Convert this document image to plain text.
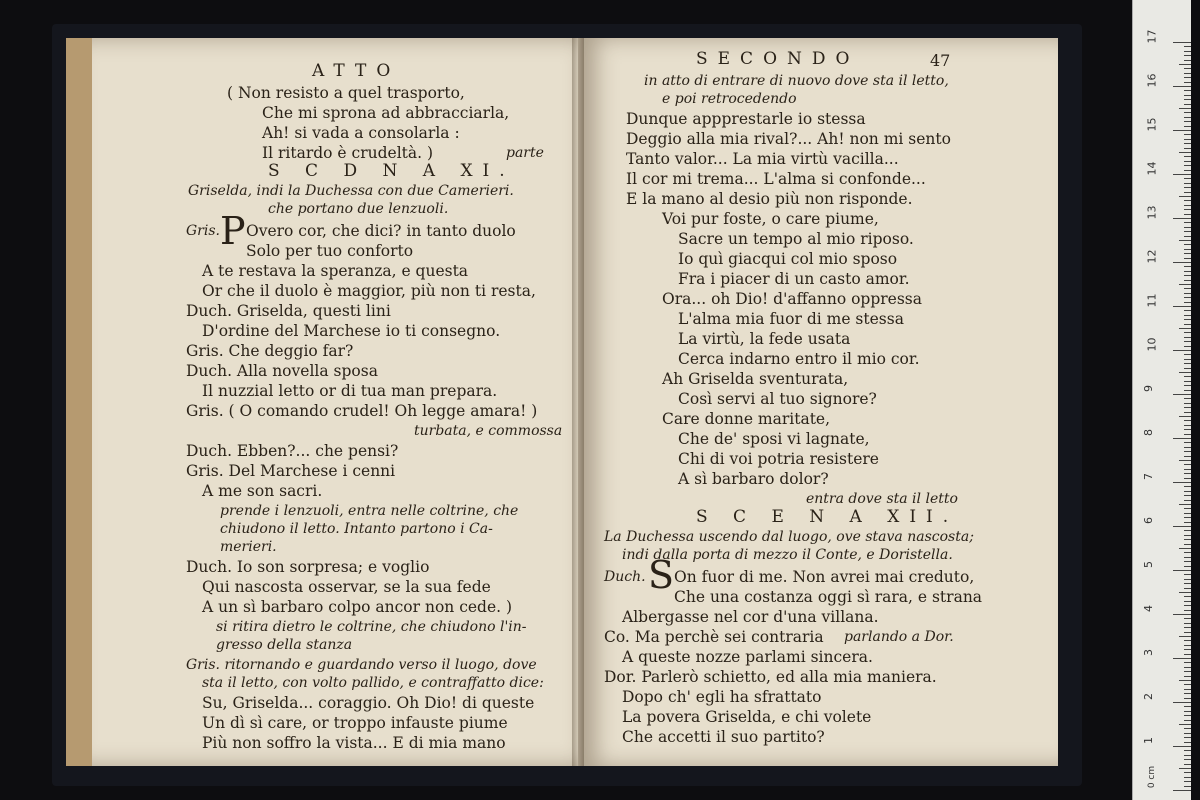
ATTO
( Non resisto a quel trasporto,
Che mi sprona ad abbracciarla,
Ah! si vada a consolarla :
Il ritardo è crudeltà. )	parte
S C D N A XI.
Griselda, indi la Duchessa con due Camerieri.
che portano due lenzuoli.
Gris. P Overo cor, che dici? in tanto duolo
Solo per tuo conforto
A te restava la speranza, e questa
Or che il duolo è maggior, più non ti resta,
Duch. Griselda, questi lini
D'ordine del Marchese io ti consegno.
Gris. Che deggio far?
Duch. Alla novella sposa
Il nuzzial letto or di tua man prepara.
Gris. ( O comando crudel! Oh legge amara! )
turbata, e commossa
Duch. Ebben?... che pensi?
Gris. Del Marchese i cenni
A me son sacri.
prende i lenzuoli, entra nelle coltrine, che
chiudono il letto. Intanto partono i Ca-
merieri.
Duch. Io son sorpresa; e voglio
Qui nascosta osservar, se la sua fede
A un sì barbaro colpo ancor non cede. )
si ritira dietro le coltrine, che chiudono l'in-
gresso della stanza
Gris. ritornando e guardando verso il luogo, dove
sta il letto, con volto pallido, e contraffatto dice:
Su, Griselda... coraggio. Oh Dio! di queste
Un dì sì care, or troppo infauste piume
Più non soffro la vista... E di mia mano
SECONDO	47
in atto di entrare di nuovo dove sta il letto,
e poi retrocedendo
Dunque appprestarle io stessa
Deggio alla mia rival?... Ah! non mi sento
Tanto valor... La mia virtù vacilla...
Il cor mi trema... L'alma si confonde...
E la mano al desio più non risponde.
Voi pur foste, o care piume,
Sacre un tempo al mio riposo.
Io quì giacqui col mio sposo
Fra i piacer di un casto amor.
Ora... oh Dio! d'affanno oppressa
L'alma mia fuor di me stessa
La virtù, la fede usata
Cerca indarno entro il mio cor.
Ah Griselda sventurata,
Così servi al tuo signore?
Care donne maritate,
Che de' sposi vi lagnate,
Chi di voi potria resistere
A sì barbaro dolor?
entra dove sta il letto
S C E N A XII.
La Duchessa uscendo dal luogo, ove stava nascosta;
indi dalla porta di mezzo il Conte, e Doristella.
Duch. S On fuor di me. Non avrei mai creduto,
Che una costanza oggi sì rara, e strana
Albergasse nel cor d'una villana.
Co. Ma perchè sei contraria parlando a Dor.
A queste nozze parlami sincera.
Dor. Parlerò schietto, ed alla mia maniera.
Dopo ch' egli ha sfrattato
La povera Griselda, e chi volete
Che accetti il suo partito?
17
16
15
14
13
12
11
10
9
8
7
6
5
4
3
2
1
0 cm
